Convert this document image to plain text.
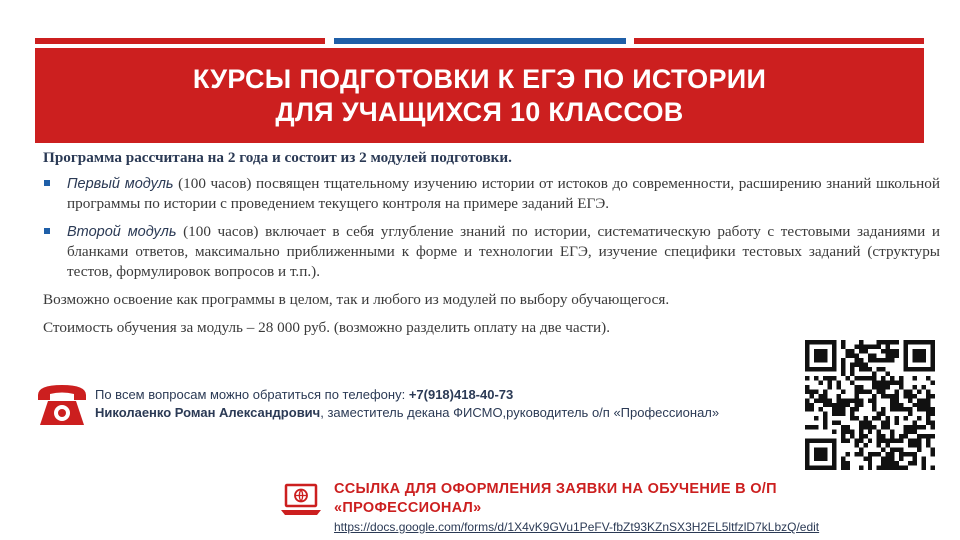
КУРСЫ ПОДГОТОВКИ К ЕГЭ ПО ИСТОРИИ
ДЛЯ УЧАЩИХСЯ 10 КЛАССОВ
Программа рассчитана на 2 года и состоит из 2 модулей подготовки.
Первый модуль (100 часов) посвящен тщательному изучению истории от истоков до современности, расширению знаний школьной программы по истории с проведением текущего контроля на примере заданий ЕГЭ.
Второй модуль (100 часов) включает в себя углубление знаний по истории, систематическую работу с тестовыми заданиями и бланками ответов, максимально приближенными к форме и технологии ЕГЭ, изучение специфики тестовых заданий (структуры тестов, формулировок вопросов и т.п.).
Возможно освоение как программы в целом, так и любого из модулей по выбору обучающегося.
Стоимость обучения за модуль – 28 000 руб. (возможно разделить оплату на две части).
По всем вопросам можно обратиться по телефону: +7(918)418-40-73
Николаенко Роман Александрович, заместитель декана ФИСМО,руководитель о/п «Профессионал»
ССЫЛКА ДЛЯ ОФОРМЛЕНИЯ ЗАЯВКИ НА ОБУЧЕНИЕ В О/П «ПРОФЕССИОНАЛ»
https://docs.google.com/forms/d/1X4vK9GVu1PeFV-fbZt93KZnSX3H2EL5ltfzlD7kLbzQ/edit
